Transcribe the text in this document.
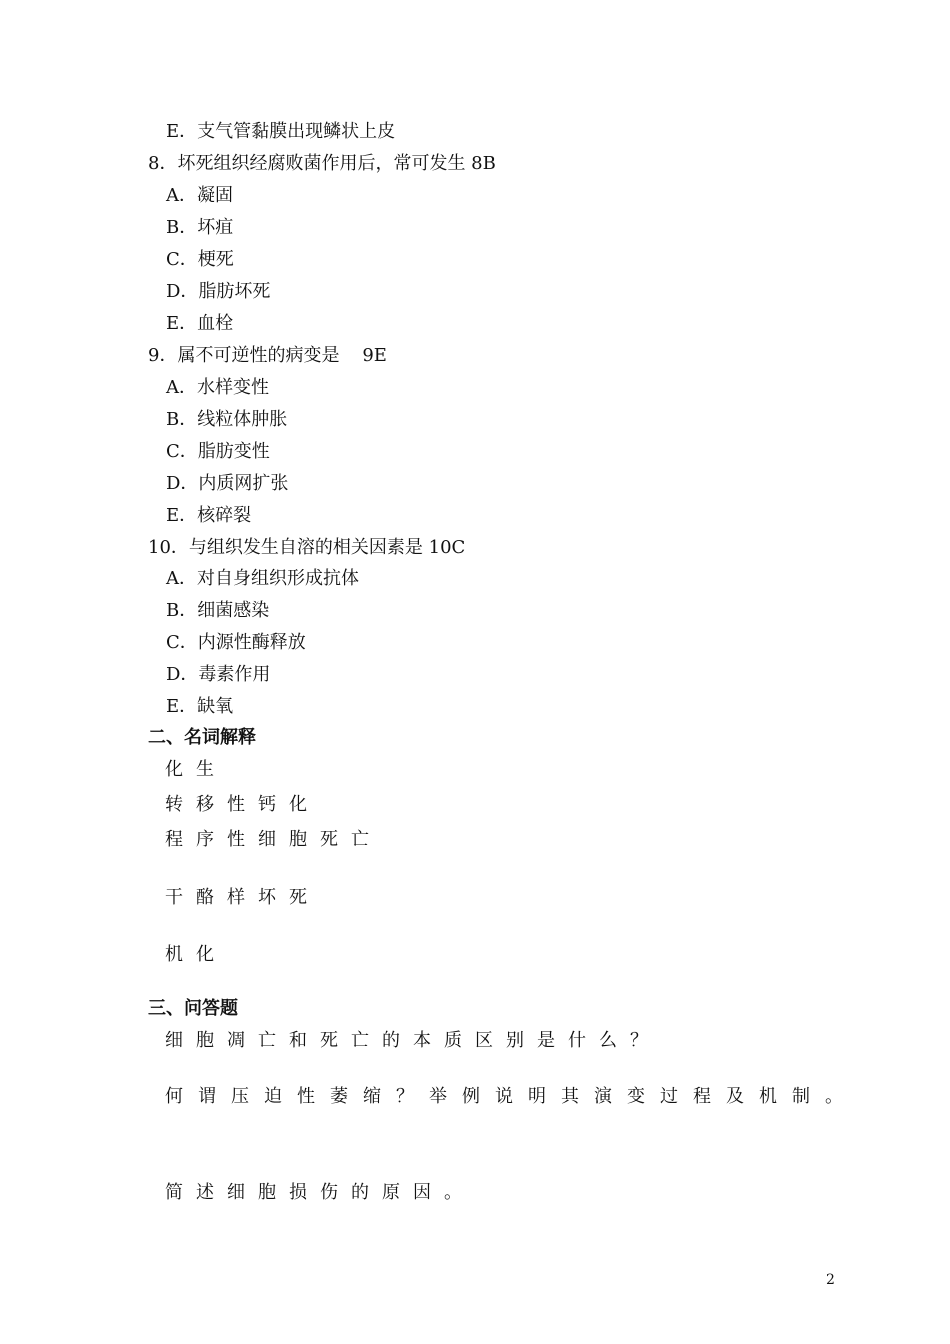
E．支气管黏膜出现鳞状上皮
8．坏死组织经腐败菌作用后，常可发生 8B
A．凝固
B．坏疽
C．梗死
D．脂肪坏死
E．血栓
9．属不可逆性的病变是    9E
A．水样变性
B．线粒体肿胀
C．脂肪变性
D．内质网扩张
E．核碎裂
10．与组织发生自溶的相关因素是 10C
A．对自身组织形成抗体
B．细菌感染
C．内源性酶释放
D．毒素作用
E．缺氧
二、名词解释
化生
转移性钙化
程序性细胞死亡
干酪样坏死
机化
三、问答题
细胞凋亡和死亡的本质区别是什么？
何谓压迫性萎缩？举例说明其演变过程及机制。
简述细胞损伤的原因。
2
